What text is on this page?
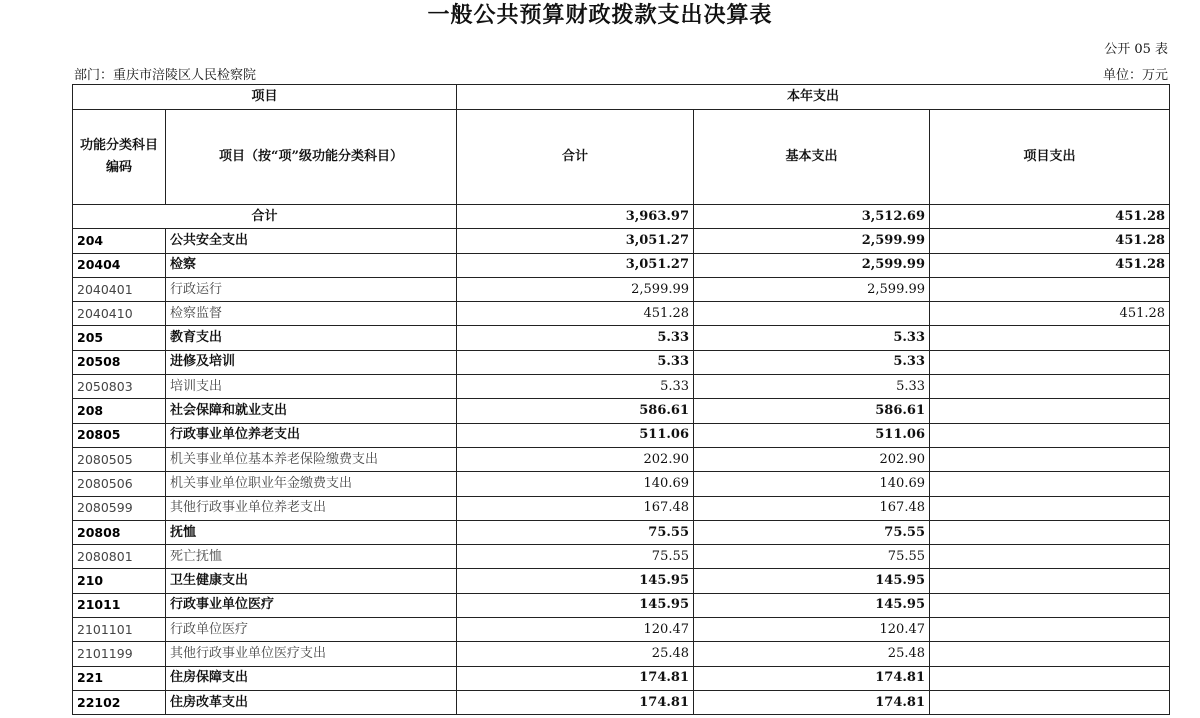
一般公共预算财政拨款支出决算表
公开 05 表
部门：重庆市涪陵区人民检察院	单位：万元
项目		本年支出		
功能分类科目编码	项目（按“项”级功能分类科目）	合计	基本支出	项目支出
合计		3,963.97	3,512.69	451.28
204	公共安全支出	3,051.27	2,599.99	451.28
20404	检察	3,051.27	2,599.99	451.28
2040401	行政运行	2,599.99	2,599.99	
2040410	检察监督	451.28		451.28
205	教育支出	5.33	5.33	
20508	进修及培训	5.33	5.33	
2050803	培训支出	5.33	5.33	
208	社会保障和就业支出	586.61	586.61	
20805	行政事业单位养老支出	511.06	511.06	
2080505	机关事业单位基本养老保险缴费支出	202.90	202.90	
2080506	机关事业单位职业年金缴费支出	140.69	140.69	
2080599	其他行政事业单位养老支出	167.48	167.48	
20808	抚恤	75.55	75.55	
2080801	死亡抚恤	75.55	75.55	
210	卫生健康支出	145.95	145.95	
21011	行政事业单位医疗	145.95	145.95	
2101101	行政单位医疗	120.47	120.47	
2101199	其他行政事业单位医疗支出	25.48	25.48	
221	住房保障支出	174.81	174.81	
22102	住房改革支出	174.81	174.81	
